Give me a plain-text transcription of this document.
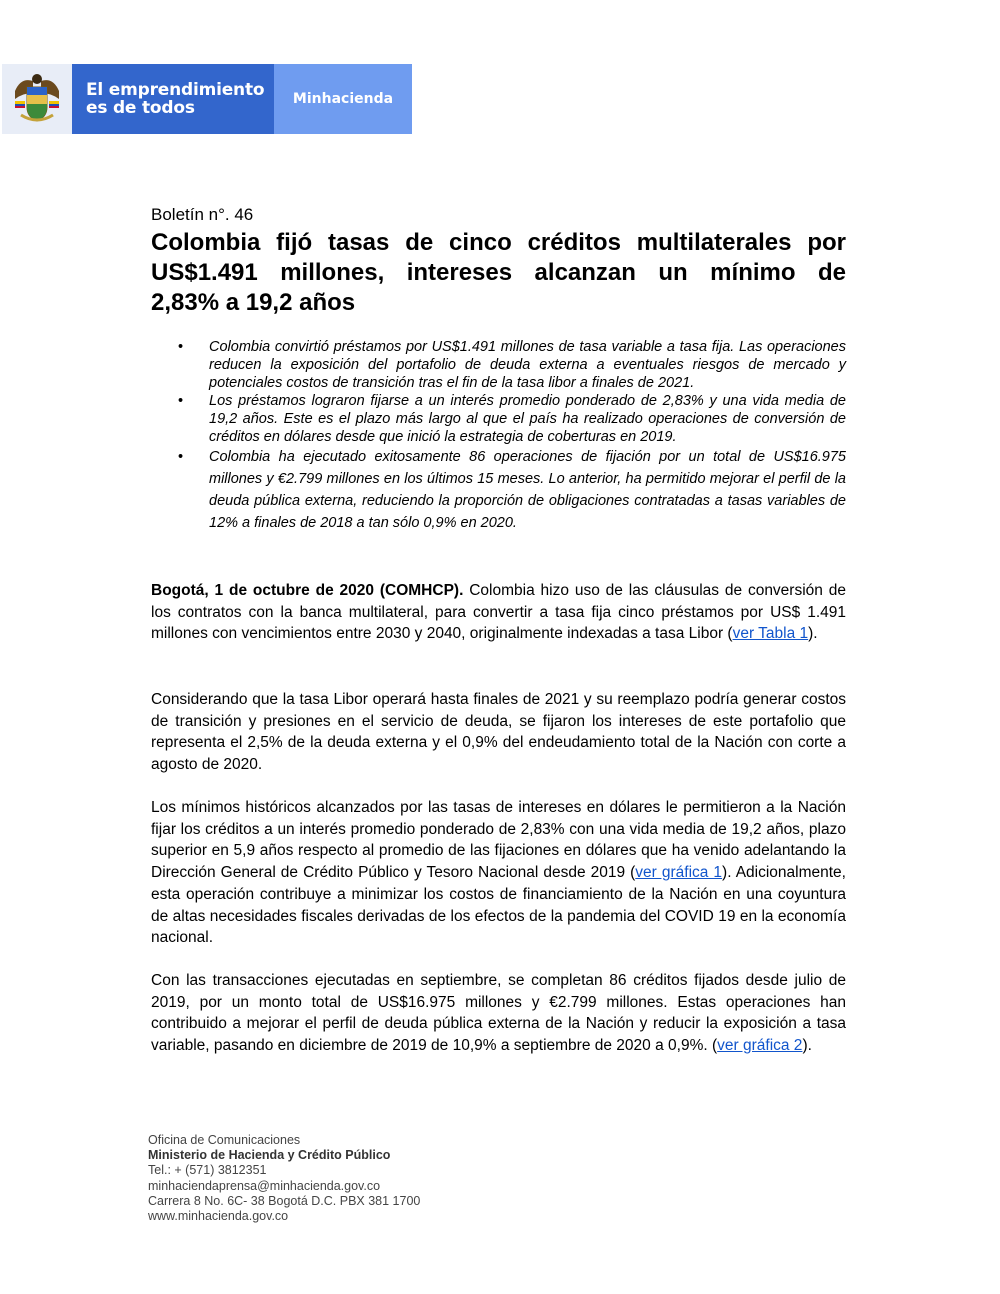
El emprendimiento
es de todos	Minhacienda
Boletín n°. 46
Colombia fijó tasas de cinco créditos multilaterales por
US$1.491 millones, intereses alcanzan un mínimo de
2,83% a 19,2 años
• Colombia convirtió préstamos por US$1.491 millones de tasa variable a tasa fija. Las operaciones reducen la exposición del portafolio de deuda externa a eventuales riesgos de mercado y potenciales costos de transición tras el fin de la tasa libor a finales de 2021.
• Los préstamos lograron fijarse a un interés promedio ponderado de 2,83% y una vida media de 19,2 años. Este es el plazo más largo al que el país ha realizado operaciones de conversión de créditos en dólares desde que inició la estrategia de coberturas en 2019.
• Colombia ha ejecutado exitosamente 86 operaciones de fijación por un total de US$16.975 millones y €2.799 millones en los últimos 15 meses. Lo anterior, ha permitido mejorar el perfil de la deuda pública externa, reduciendo la proporción de obligaciones contratadas a tasas variables de 12% a finales de 2018 a tan sólo 0,9% en 2020.

Bogotá, 1 de octubre de 2020 (COMHCP). Colombia hizo uso de las cláusulas de conversión de los contratos con la banca multilateral, para convertir a tasa fija cinco préstamos por US$ 1.491 millones con vencimientos entre 2030 y 2040, originalmente indexadas a tasa Libor (ver Tabla 1).

Considerando que la tasa Libor operará hasta finales de 2021 y su reemplazo podría generar costos de transición y presiones en el servicio de deuda, se fijaron los intereses de este portafolio que representa el 2,5% de la deuda externa y el 0,9% del endeudamiento total de la Nación con corte a agosto de 2020.

Los mínimos históricos alcanzados por las tasas de intereses en dólares le permitieron a la Nación fijar los créditos a un interés promedio ponderado de 2,83% con una vida media de 19,2 años, plazo superior en 5,9 años respecto al promedio de las fijaciones en dólares que ha venido adelantando la Dirección General de Crédito Público y Tesoro Nacional desde 2019 (ver gráfica 1). Adicionalmente, esta operación contribuye a minimizar los costos de financiamiento de la Nación en una coyuntura de altas necesidades fiscales derivadas de los efectos de la pandemia del COVID 19 en la economía nacional.

Con las transacciones ejecutadas en septiembre, se completan 86 créditos fijados desde julio de 2019, por un monto total de US$16.975 millones y €2.799 millones. Estas operaciones han contribuido a mejorar el perfil de deuda pública externa de la Nación y reducir la exposición a tasa variable, pasando en diciembre de 2019 de 10,9% a septiembre de 2020 a 0,9%. (ver gráfica 2).

Oficina de Comunicaciones
Ministerio de Hacienda y Crédito Público
Tel.: + (571) 3812351
minhaciendaprensa@minhacienda.gov.co
Carrera 8 No. 6C- 38 Bogotá D.C. PBX 381 1700
www.minhacienda.gov.co
